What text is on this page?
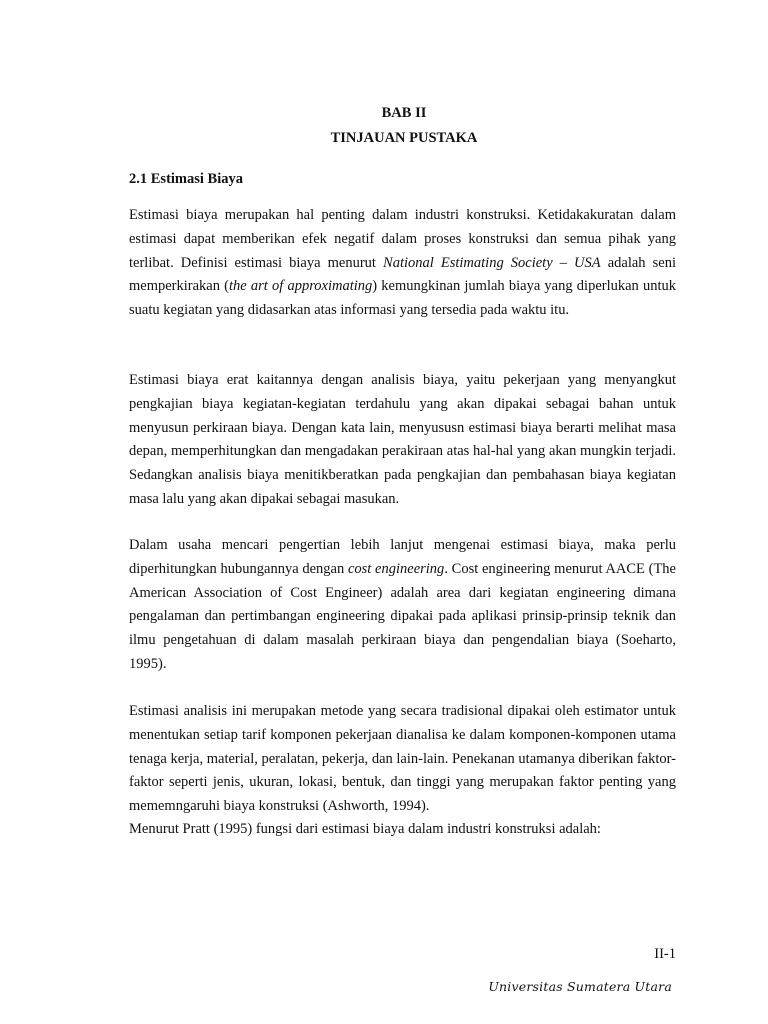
BAB II
TINJAUAN PUSTAKA
2.1 Estimasi Biaya

Estimasi biaya merupakan hal penting dalam industri konstruksi. Ketidakakuratan dalam estimasi dapat memberikan efek negatif dalam proses konstruksi dan semua pihak yang terlibat. Definisi estimasi biaya menurut National Estimating Society – USA adalah seni memperkirakan (the art of approximating) kemungkinan jumlah biaya yang diperlukan untuk suatu kegiatan yang didasarkan atas informasi yang tersedia pada waktu itu.

Estimasi biaya erat kaitannya dengan analisis biaya, yaitu pekerjaan yang menyangkut pengkajian biaya kegiatan-kegiatan terdahulu yang akan dipakai sebagai bahan untuk menyusun perkiraan biaya. Dengan kata lain, menyususn estimasi biaya berarti melihat masa depan, memperhitungkan dan mengadakan perakiraan atas hal-hal yang akan mungkin terjadi. Sedangkan analisis biaya menitikberatkan pada pengkajian dan pembahasan biaya kegiatan masa lalu yang akan dipakai sebagai masukan.

Dalam usaha mencari pengertian lebih lanjut mengenai estimasi biaya, maka perlu diperhitungkan hubungannya dengan cost engineering. Cost engineering menurut AACE (The American Association of Cost Engineer) adalah area dari kegiatan engineering dimana pengalaman dan pertimbangan engineering dipakai pada aplikasi prinsip-prinsip teknik dan ilmu pengetahuan di dalam masalah perkiraan biaya dan pengendalian biaya (Soeharto, 1995).

Estimasi analisis ini merupakan metode yang secara tradisional dipakai oleh estimator untuk menentukan setiap tarif komponen pekerjaan dianalisa ke dalam komponen-komponen utama tenaga kerja, material, peralatan, pekerja, dan lain-lain. Penekanan utamanya diberikan faktor-faktor seperti jenis, ukuran, lokasi, bentuk, dan tinggi yang merupakan faktor penting yang mememngaruhi biaya konstruksi (Ashworth, 1994).

Menurut Pratt (1995) fungsi dari estimasi biaya dalam industri konstruksi adalah:

II-1
Universitas Sumatera Utara
